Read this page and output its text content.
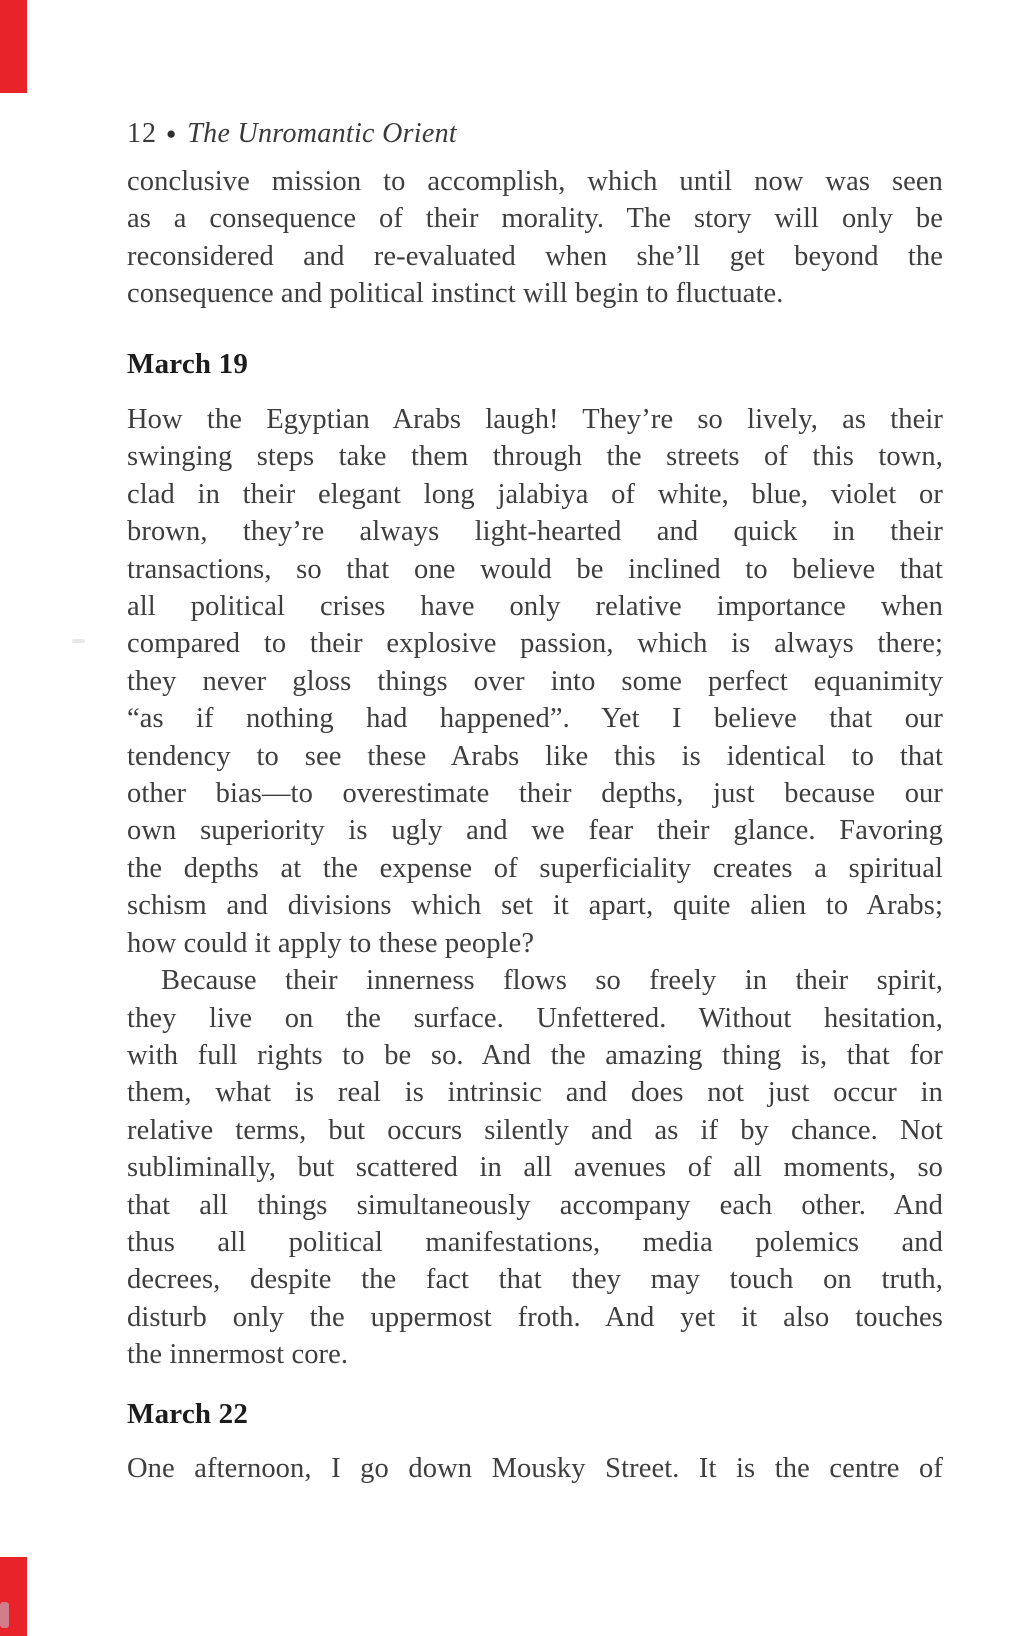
12 ● The Unromantic Orient
conclusive mission to accomplish, which until now was seen
as a consequence of their morality. The story will only be
reconsidered and re-evaluated when she’ll get beyond the
consequence and political instinct will begin to fluctuate.
March 19
How the Egyptian Arabs laugh! They’re so lively, as their
swinging steps take them through the streets of this town,
clad in their elegant long jalabiya of white, blue, violet or
brown, they’re always light-hearted and quick in their
transactions, so that one would be inclined to believe that
all political crises have only relative importance when
compared to their explosive passion, which is always there;
they never gloss things over into some perfect equanimity
“as if nothing had happened”. Yet I believe that our
tendency to see these Arabs like this is identical to that
other bias—to overestimate their depths, just because our
own superiority is ugly and we fear their glance. Favoring
the depths at the expense of superficiality creates a spiritual
schism and divisions which set it apart, quite alien to Arabs;
how could it apply to these people?
Because their innerness flows so freely in their spirit,
they live on the surface. Unfettered. Without hesitation,
with full rights to be so. And the amazing thing is, that for
them, what is real is intrinsic and does not just occur in
relative terms, but occurs silently and as if by chance. Not
subliminally, but scattered in all avenues of all moments, so
that all things simultaneously accompany each other. And
thus all political manifestations, media polemics and
decrees, despite the fact that they may touch on truth,
disturb only the uppermost froth. And yet it also touches
the innermost core.
March 22
One afternoon, I go down Mousky Street. It is the centre of
